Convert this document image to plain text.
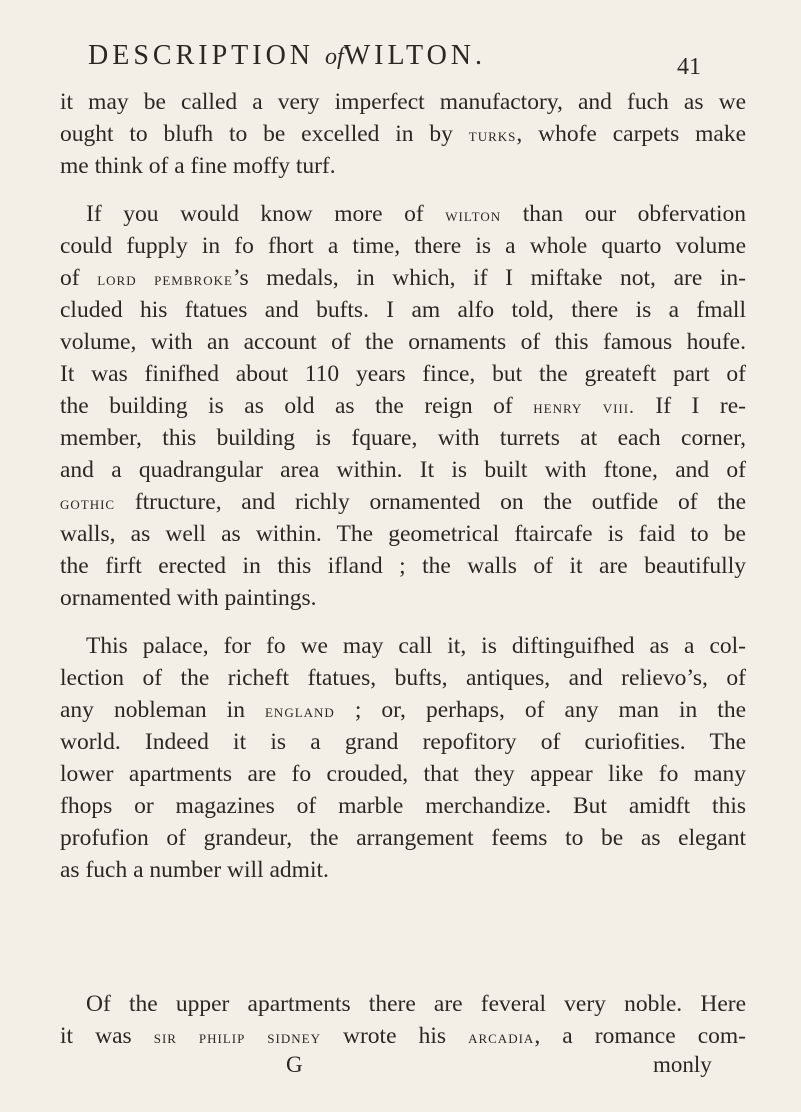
DESCRIPTION ofWILTON.	41
it may be called a very imperfect manufactory, and fuch as we
ought to blufh to be excelled in by turks, whofe carpets make
me think of a fine moffy turf.
If you would know more of wilton than our obfervation
could fupply in fo fhort a time, there is a whole quarto volume
of lord pembroke’s medals, in which, if I miftake not, are in-
cluded his ftatues and bufts. I am alfo told, there is a fmall
volume, with an account of the ornaments of this famous houfe.
It was finifhed about 110 years fince, but the greateft part of
the building is as old as the reign of henry viii. If I re-
member, this building is fquare, with turrets at each corner,
and a quadrangular area within. It is built with ftone, and of
gothic ftructure, and richly ornamented on the outfide of the
walls, as well as within. The geometrical ftaircafe is faid to be
the firft erected in this ifland ; the walls of it are beautifully
ornamented with paintings.
This palace, for fo we may call it, is diftinguifhed as a col-
lection of the richeft ftatues, bufts, antiques, and relievo’s, of
any nobleman in england ; or, perhaps, of any man in the
world. Indeed it is a grand repofitory of curiofities. The
lower apartments are fo crouded, that they appear like fo many
fhops or magazines of marble merchandize. But amidft this
profufion of grandeur, the arrangement feems to be as elegant
as fuch a number will admit.
Of the upper apartments there are feveral very noble. Here
it was sir philip sidney wrote his arcadia, a romance com-
G	monly
